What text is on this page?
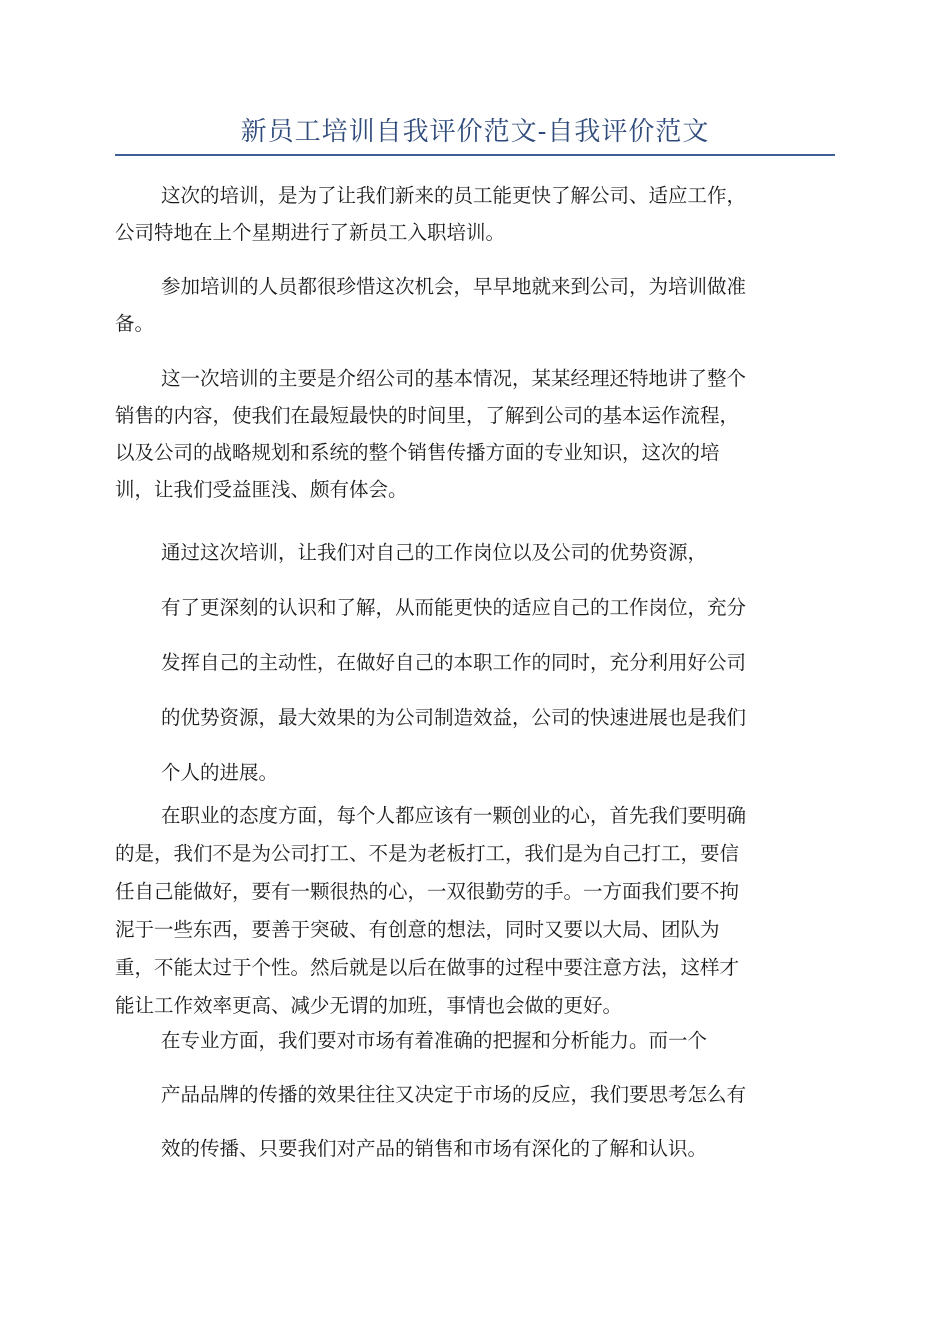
新员工培训自我评价范文-自我评价范文
这次的培训，是为了让我们新来的员工能更快了解公司、适应工作，
公司特地在上个星期进行了新员工入职培训。
参加培训的人员都很珍惜这次机会，早早地就来到公司，为培训做准
备。
这一次培训的主要是介绍公司的基本情况，某某经理还特地讲了整个
销售的内容，使我们在最短最快的时间里，了解到公司的基本运作流程，
以及公司的战略规划和系统的整个销售传播方面的专业知识，这次的培
训，让我们受益匪浅、颇有体会。
通过这次培训，让我们对自己的工作岗位以及公司的优势资源，
有了更深刻的认识和了解，从而能更快的适应自己的工作岗位，充分
发挥自己的主动性，在做好自己的本职工作的同时，充分利用好公司
的优势资源，最大效果的为公司制造效益，公司的快速进展也是我们
个人的进展。
在职业的态度方面，每个人都应该有一颗创业的心，首先我们要明确
的是，我们不是为公司打工、不是为老板打工，我们是为自己打工，要信
任自己能做好，要有一颗很热的心，一双很勤劳的手。一方面我们要不拘
泥于一些东西，要善于突破、有创意的想法，同时又要以大局、团队为
重，不能太过于个性。然后就是以后在做事的过程中要注意方法，这样才
能让工作效率更高、减少无谓的加班，事情也会做的更好。
在专业方面，我们要对市场有着准确的把握和分析能力。而一个
产品品牌的传播的效果往往又决定于市场的反应，我们要思考怎么有
效的传播、只要我们对产品的销售和市场有深化的了解和认识。
